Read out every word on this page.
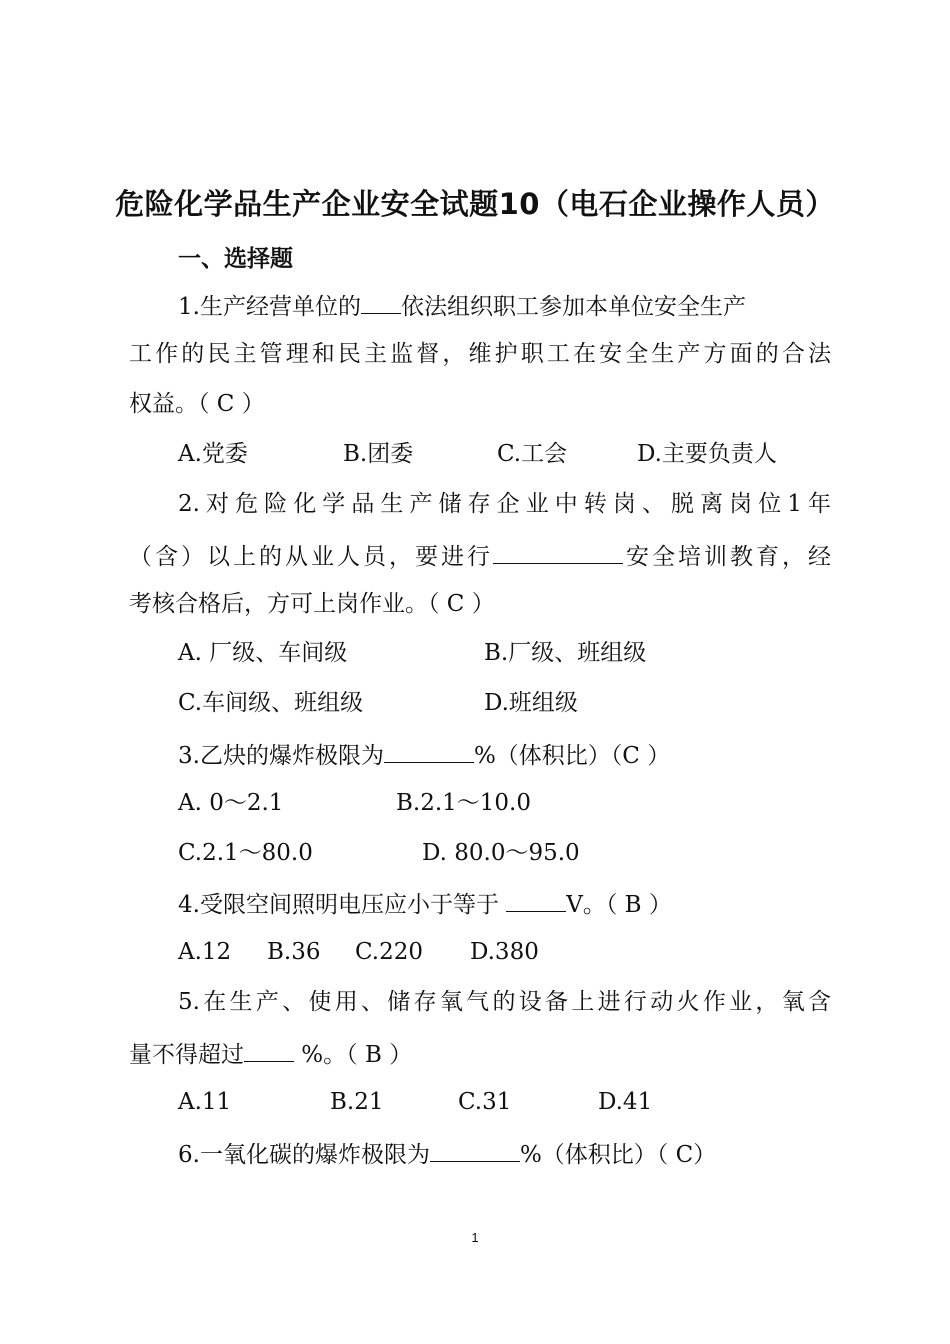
危险化学品生产企业安全试题10（电石企业操作人员）
一、选择题
1.生产经营单位的 依法组织职工参加本单位安全生产
工作的民主管理和民主监督，维护职工在安全生产方面的合法
权益。（ C ）
A.党委	B.团委	C.工会	D.主要负责人
2.对危险化学品生产储存企业中转岗、脱离岗位1年
（含）以上的从业人员，要进行	安全培训教育，经
考核合格后，方可上岗作业。（ C ）
A. 厂级、车间级	B.厂级、班组级
C.车间级、班组级	D.班组级
3.乙炔的爆炸极限为	%（体积比）（C ）
A. 0～2.1	B.2.1～10.0
C.2.1～80.0	D. 80.0～95.0
4.受限空间照明电压应小于等于	V。（ B ）
A.12 B.36 C.220 D.380
5.在生产、使用、储存氧气的设备上进行动火作业，氧含
量不得超过 %。（ B ）
A.11	B.21	C.31	D.41
6.一氧化碳的爆炸极限为	%（体积比）（ C）
1
